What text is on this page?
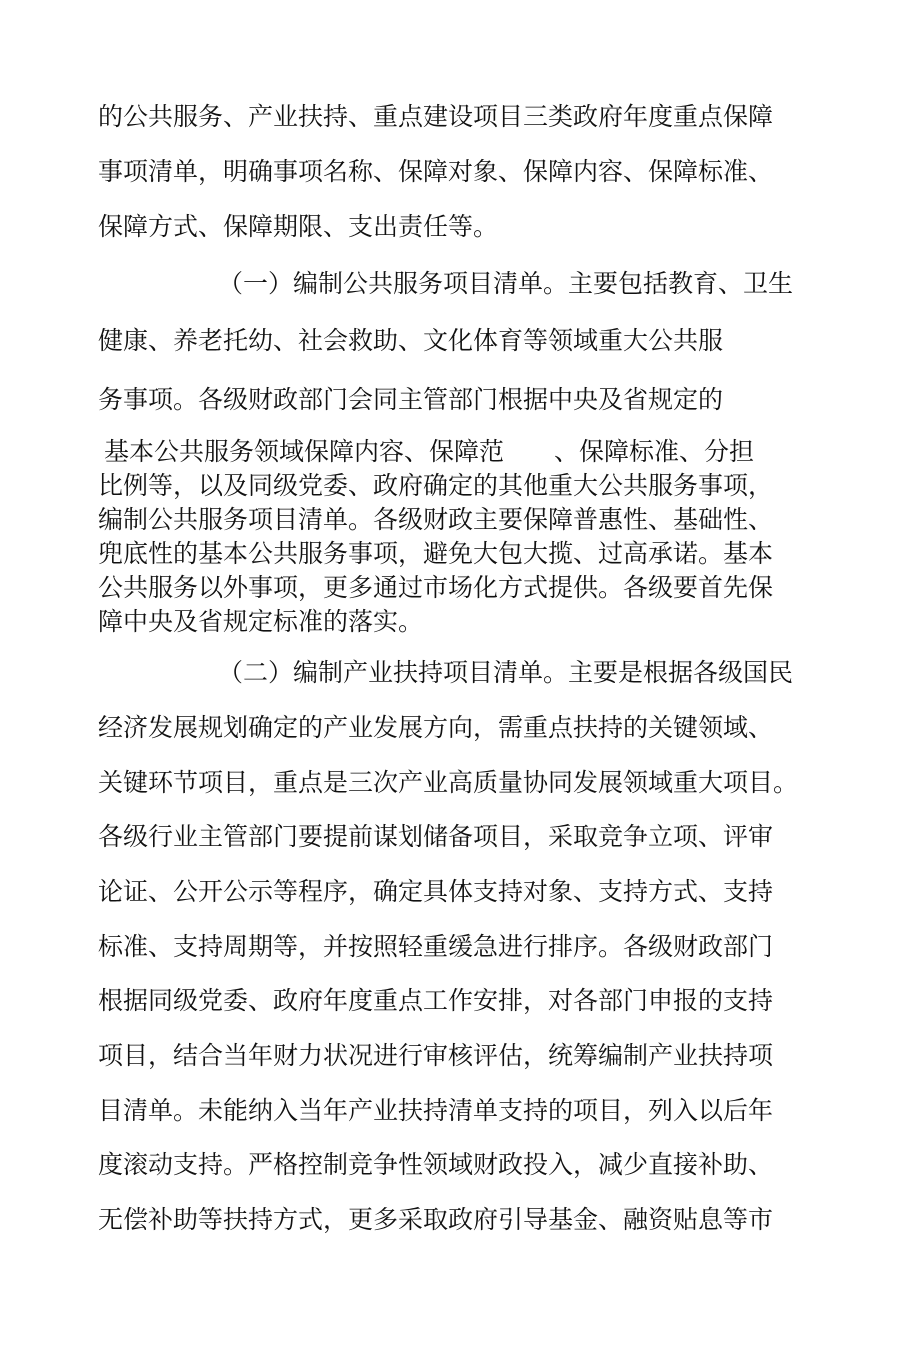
的公共服务、产业扶持、重点建设项目三类政府年度重点保障
事项清单，明确事项名称、保障对象、保障内容、保障标准、
保障方式、保障期限、支出责任等。
（一）编制公共服务项目清单。主要包括教育、卫生
健康、养老托幼、社会救助、文化体育等领域重大公共服
务事项。各级财政部门会同主管部门根据中央及省规定的
基本公共服务领域保障内容、保障范　　、保障标准、分担
比例等，以及同级党委、政府确定的其他重大公共服务事项，
编制公共服务项目清单。各级财政主要保障普惠性、基础性、
兜底性的基本公共服务事项，避免大包大揽、过高承诺。基本
公共服务以外事项，更多通过市场化方式提供。各级要首先保
障中央及省规定标准的落实。
（二）编制产业扶持项目清单。主要是根据各级国民
经济发展规划确定的产业发展方向，需重点扶持的关键领域、
关键环节项目，重点是三次产业高质量协同发展领域重大项目。
各级行业主管部门要提前谋划储备项目，采取竞争立项、评审
论证、公开公示等程序，确定具体支持对象、支持方式、支持
标准、支持周期等，并按照轻重缓急进行排序。各级财政部门
根据同级党委、政府年度重点工作安排，对各部门申报的支持
项目，结合当年财力状况进行审核评估，统筹编制产业扶持项
目清单。未能纳入当年产业扶持清单支持的项目，列入以后年
度滚动支持。严格控制竞争性领域财政投入，减少直接补助、
无偿补助等扶持方式，更多采取政府引导基金、融资贴息等市
